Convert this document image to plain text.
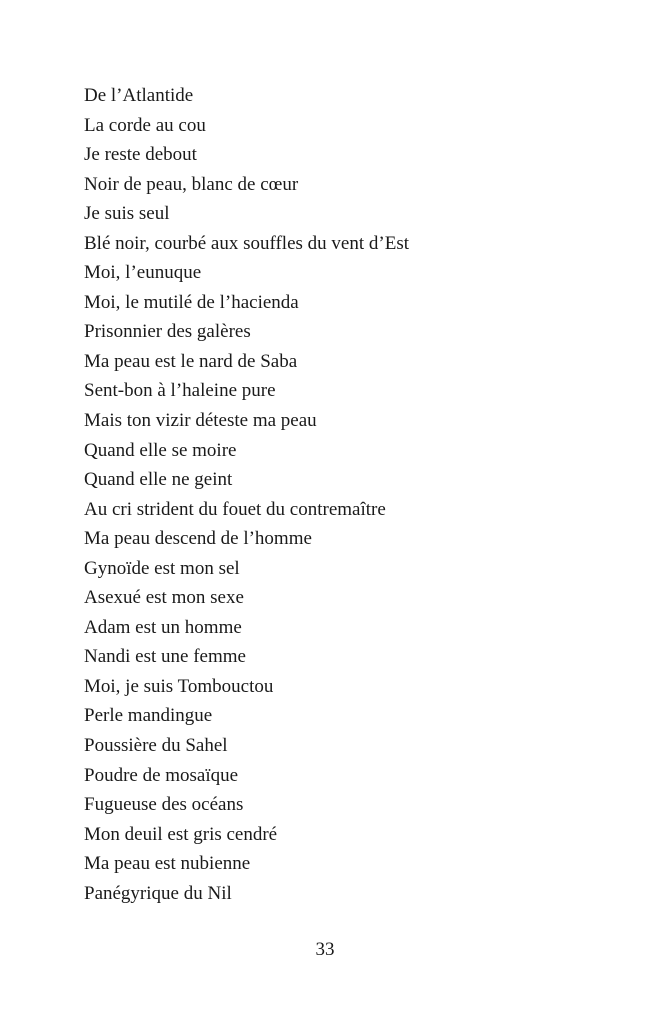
De l’Atlantide
La corde au cou
Je reste debout
Noir de peau, blanc de cœur
Je suis seul
Blé noir, courbé aux souffles du vent d’Est
Moi, l’eunuque
Moi, le mutilé de l’hacienda
Prisonnier des galères
Ma peau est le nard de Saba
Sent-bon à l’haleine pure
Mais ton vizir déteste ma peau
Quand elle se moire
Quand elle ne geint
Au cri strident du fouet du contremaître
Ma peau descend de l’homme
Gynoïde est mon sel
Asexué est mon sexe
Adam est un homme
Nandi est une femme
Moi, je suis Tombouctou
Perle mandingue
Poussière du Sahel
Poudre de mosaïque
Fugueuse des océans
Mon deuil est gris cendré
Ma peau est nubienne
Panégyrique du Nil
33
